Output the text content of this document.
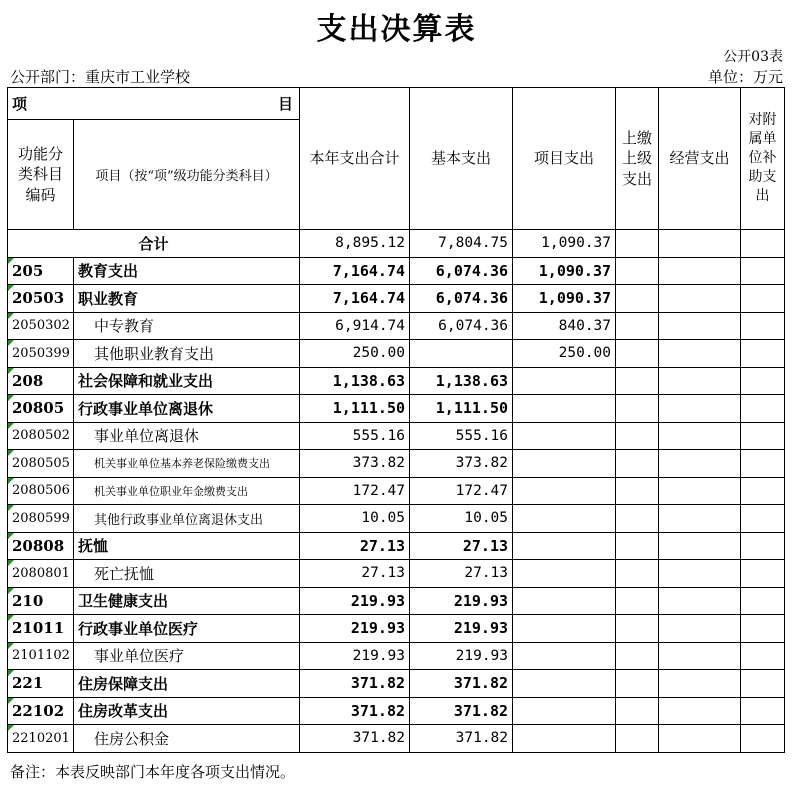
支出决算表
公开03表
公开部门：重庆市工业学校	单位：万元
项 目		本年支出合计	基本支出	项目支出	上缴上级支出	经营支出	对附属单位补助支出
功能分类科目编码	项目（按“项”级功能分类科目）						
合计		8,895.12	7,804.75	1,090.37			
205	教育支出	7,164.74	6,074.36	1,090.37			
20503	职业教育	7,164.74	6,074.36	1,090.37			
2050302	中专教育	6,914.74	6,074.36	840.37			
2050399	其他职业教育支出	250.00		250.00			
208	社会保障和就业支出	1,138.63	1,138.63				
20805	行政事业单位离退休	1,111.50	1,111.50				
2080502	事业单位离退休	555.16	555.16				
2080505	机关事业单位基本养老保险缴费支出	373.82	373.82				
2080506	机关事业单位职业年金缴费支出	172.47	172.47				
2080599	其他行政事业单位离退休支出	10.05	10.05				
20808	抚恤	27.13	27.13				
2080801	死亡抚恤	27.13	27.13				
210	卫生健康支出	219.93	219.93				
21011	行政事业单位医疗	219.93	219.93				
2101102	事业单位医疗	219.93	219.93				
221	住房保障支出	371.82	371.82				
22102	住房改革支出	371.82	371.82				
2210201	住房公积金	371.82	371.82				
备注：本表反映部门本年度各项支出情况。
